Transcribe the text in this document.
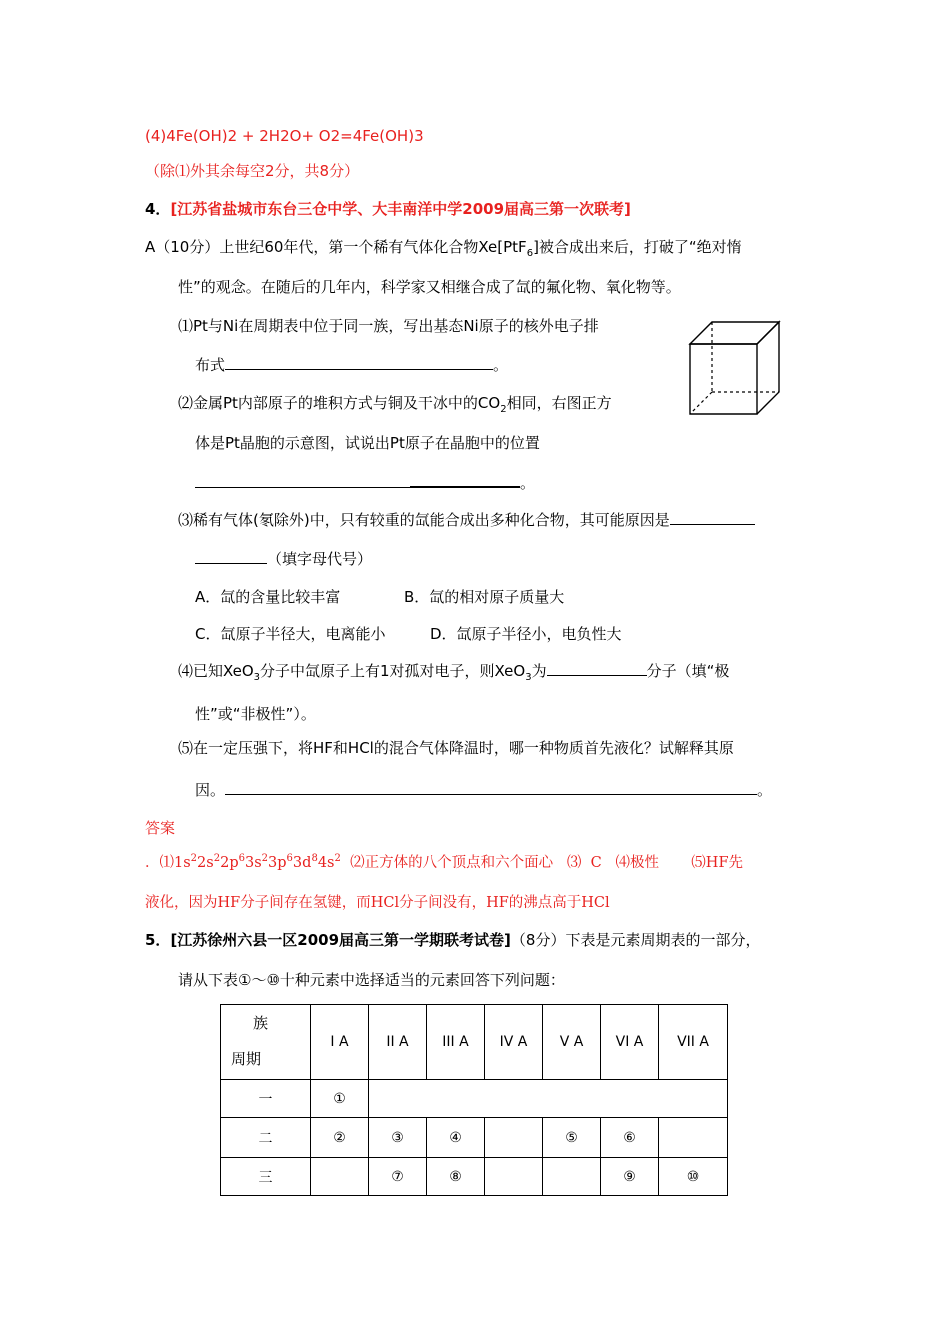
(4)4Fe(OH)2 + 2H2O+ O2=4Fe(OH)3
（除⑴外其余每空2分，共8分）
4．[江苏省盐城市东台三仓中学、大丰南洋中学2009届高三第一次联考]
A（10分）上世纪60年代，第一个稀有气体化合物Xe[PtF$_6$]被合成出来后，打破了“绝对惰
性”的观念。在随后的几年内，科学家又相继合成了氙的氟化物、氧化物等。
⑴Pt与Ni在周期表中位于同一族，写出基态Ni原子的核外电子排
布式	。
⑵金属Pt内部原子的堆积方式与铜及干冰中的$CO_2$相同，右图正方
体是Pt晶胞的示意图，试说出Pt原子在晶胞中的位置
。
⑶稀有气体(氡除外)中，只有较重的氙能合成出多种化合物，其可能原因是
（填字母代号）
A．氙的含量比较丰富	B．氙的相对原子质量大
C．氙原子半径大，电离能小	D．氙原子半径小，电负性大
⑷已知XeO$_3$分子中氙原子上有1对孤对电子，则XeO$_3$为	分子（填“极
性”或“非极性”）。
⑸在一定压强下，将HF和HCl的混合气体降温时，哪一种物质首先液化？试解释其原
因。	。
答案
．$⑴1s^22s^22p^63s^23p^63d^84s^2$  ⑵正方体的八个顶点和六个面心   ⑶  C   ⑷极性       ⑸HF先
液化，因为HF分子间存在氢键，而HCl分子间没有，HF的沸点高于HCl
5．[江苏徐州六县一区2009届高三第一学期联考试卷]（8分）下表是元素周期表的一部分，
请从下表①～⑩十种元素中选择适当的元素回答下列问题：
族
周期	I A	II A	III A	IV A	V A	VI A	VII A
一	①						
二	②	③	④		⑤	⑥	
三		⑦	⑧			⑨	⑩
